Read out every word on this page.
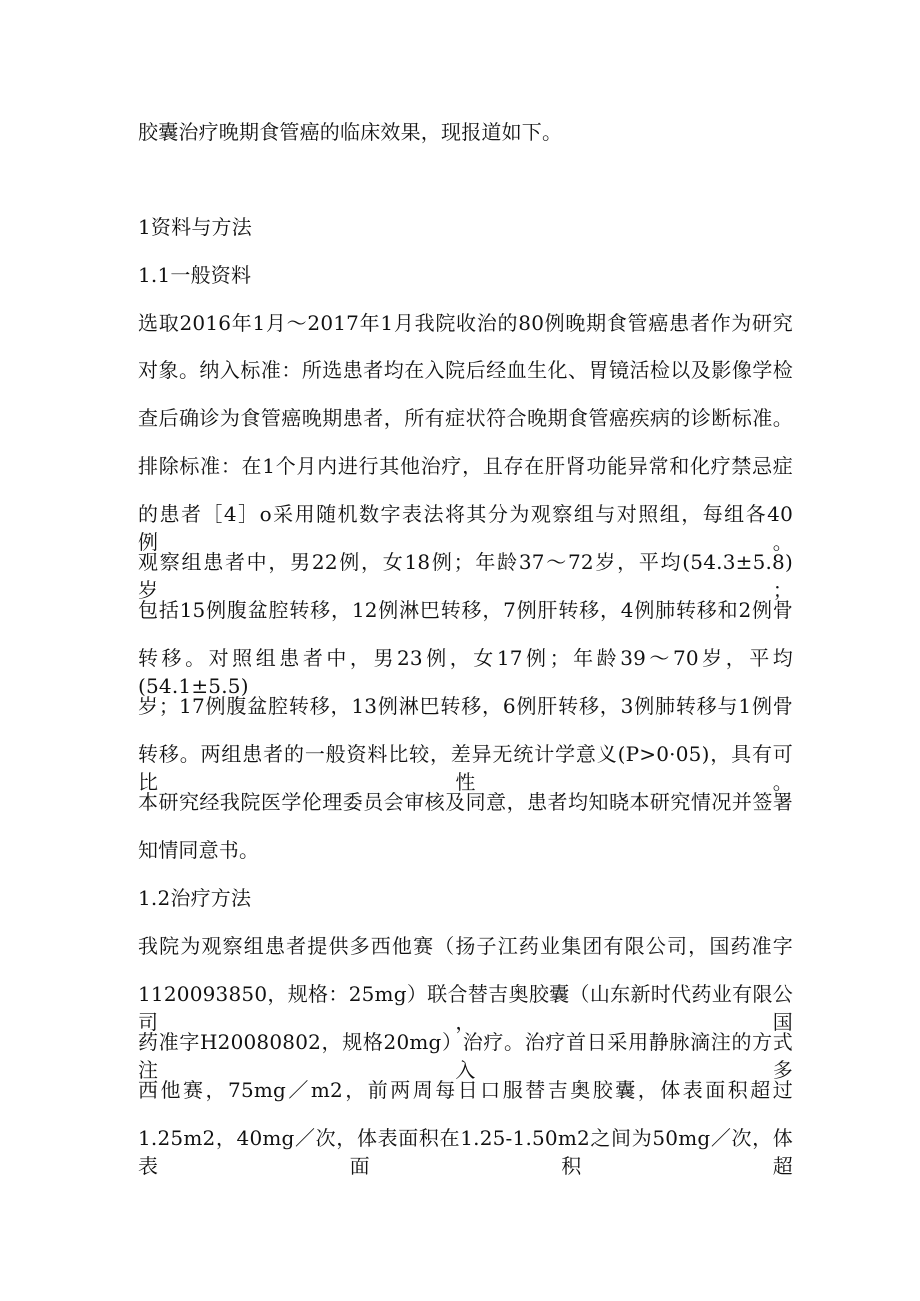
胶囊治疗晚期食管癌的临床效果，现报道如下。
1资料与方法
1.1一般资料
选取2016年1月～2017年1月我院收治的80例晚期食管癌患者作为研究
对象。纳入标准：所选患者均在入院后经血生化、胃镜活检以及影像学检
查后确诊为食管癌晚期患者，所有症状符合晚期食管癌疾病的诊断标准。
排除标准：在1个月内进行其他治疗，且存在肝肾功能异常和化疗禁忌症
的患者［4］o采用随机数字表法将其分为观察组与对照组，每组各40例。
观察组患者中，男22例，女18例；年龄37～72岁，平均(54.3±5.8)岁；
包括15例腹盆腔转移，12例淋巴转移，7例肝转移，4例肺转移和2例骨
转移。对照组患者中，男23例，女17例；年龄39～70岁，平均(54.1±5.5)
岁；17例腹盆腔转移，13例淋巴转移，6例肝转移，3例肺转移与1例骨
转移。两组患者的一般资料比较，差异无统计学意义(P>0·05)，具有可比性。
本研究经我院医学伦理委员会审核及同意，患者均知晓本研究情况并签署
知情同意书。
1.2治疗方法
我院为观察组患者提供多西他赛（扬子江药业集团有限公司，国药准字
1120093850，规格：25mg）联合替吉奥胶囊（山东新时代药业有限公司，国
药准字H20080802，规格20mg）治疗。治疗首日采用静脉滴注的方式注入多
西他赛，75mg／m2，前两周每日口服替吉奥胶囊，体表面积超过
1.25m2，40mg／次，体表面积在1.25-1.50m2之间为50mg／次，体表面积超
